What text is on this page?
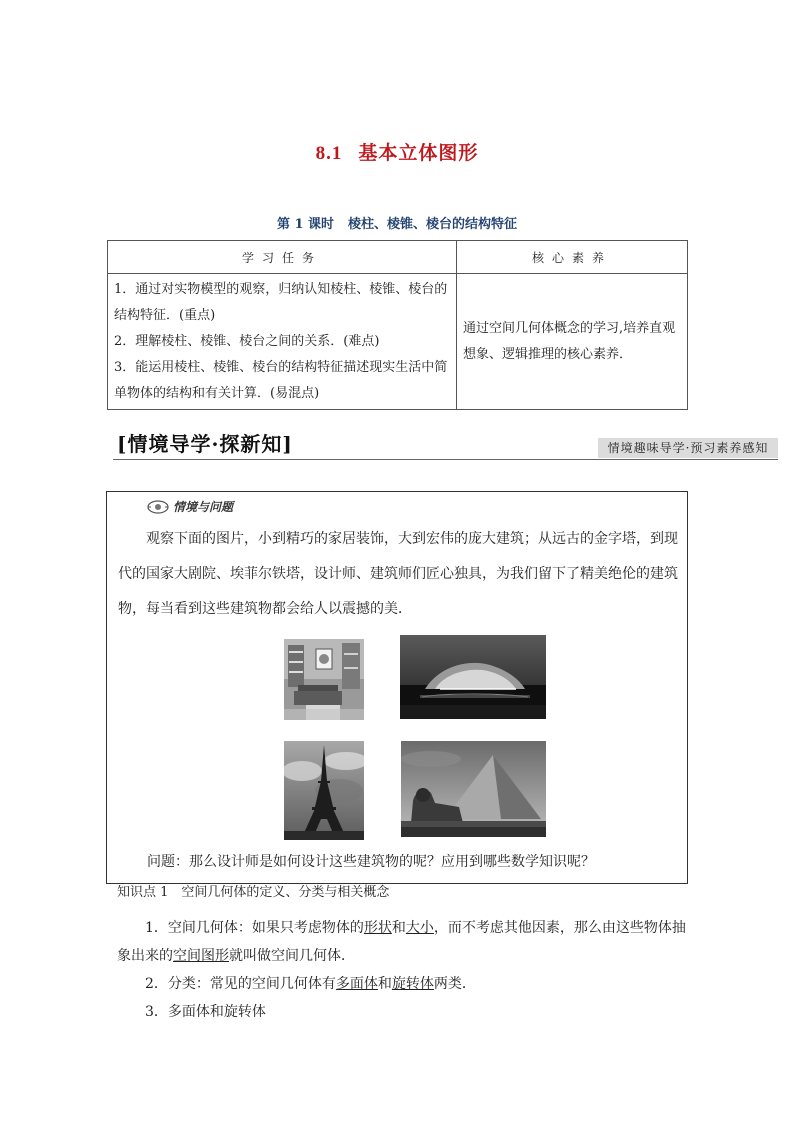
8.1 基本立体图形
第 1 课时 棱柱、棱锥、棱台的结构特征
学习任务	核心素养

1．通过对实物模型的观察，归纳认知棱柱、棱锥、棱台的结构特征．(重点)

2．理解棱柱、棱锥、棱台之间的关系．(难点)

3．能运用棱柱、棱锥、棱台的结构特征描述现实生活中简单物体的结构和有关计算．(易混点)	通过空间几何体概念的学习,培养直观想象、逻辑推理的核心素养．
[情境导学·探新知]	情境趣味导学·预习素养感知
情境与问题

观察下面的图片，小到精巧的家居装饰，大到宏伟的庞大建筑；从远古的金字塔，到现代的国家大剧院、埃菲尔铁塔，设计师、建筑师们匠心独具，为我们留下了精美绝伦的建筑物，每当看到这些建筑物都会给人以震撼的美．

问题：那么设计师是如何设计这些建筑物的呢？应用到哪些数学知识呢？

知识点 1　空间几何体的定义、分类与相关概念

1．空间几何体：如果只考虑物体的形状和大小，而不考虑其他因素，那么由这些物体抽象出来的空间图形就叫做空间几何体．

2．分类：常见的空间几何体有多面体和旋转体两类．

3．多面体和旋转体
